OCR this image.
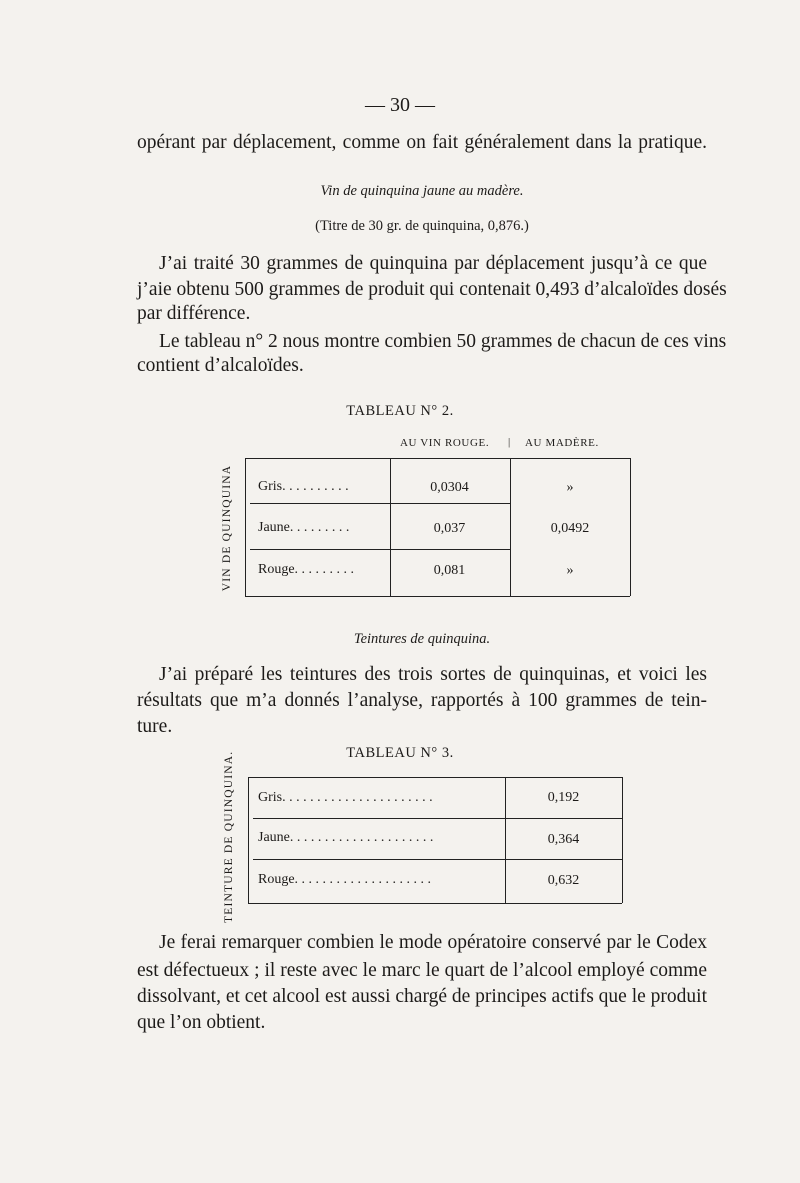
— 30 —
opérant par déplacement, comme on fait généralement dans la pratique.
Vin de quinquina jaune au madère.
(Titre de 30 gr. de quinquina, 0,876.)
J’ai traité 30 grammes de quinquina par déplacement jusqu’à ce que
j’aie obtenu 500 grammes de produit qui contenait 0,493 d’alcaloïdes dosés
par différence.
Le tableau n° 2 nous montre combien 50 grammes de chacun de ces vins
contient d’alcaloïdes.
TABLEAU N° 2.
AU VIN ROUGE. | AU MADÈRE.
VIN DE QUINQUINA Gris. . . . . . . . . .	0,0304	»
Jaune. . . . . . . . .	0,037	0,0492
Rouge. . . . . . . . .	0,081	»
Teintures de quinquina.
J’ai préparé les teintures des trois sortes de quinquinas, et voici les
résultats que m’a donnés l’analyse, rapportés à 100 grammes de tein-
ture.
TABLEAU N° 3.
TEINTURE DE QUINQUINA. Gris. . . . . . . . . . . . . . . . . . . . . .	0,192
Jaune. . . . . . . . . . . . . . . . . . . . .	0,364
Rouge. . . . . . . . . . . . . . . . . . . .	0,632
Je ferai remarquer combien le mode opératoire conservé par le Codex
est défectueux ; il reste avec le marc le quart de l’alcool employé comme
dissolvant, et cet alcool est aussi chargé de principes actifs que le produit
que l’on obtient.
